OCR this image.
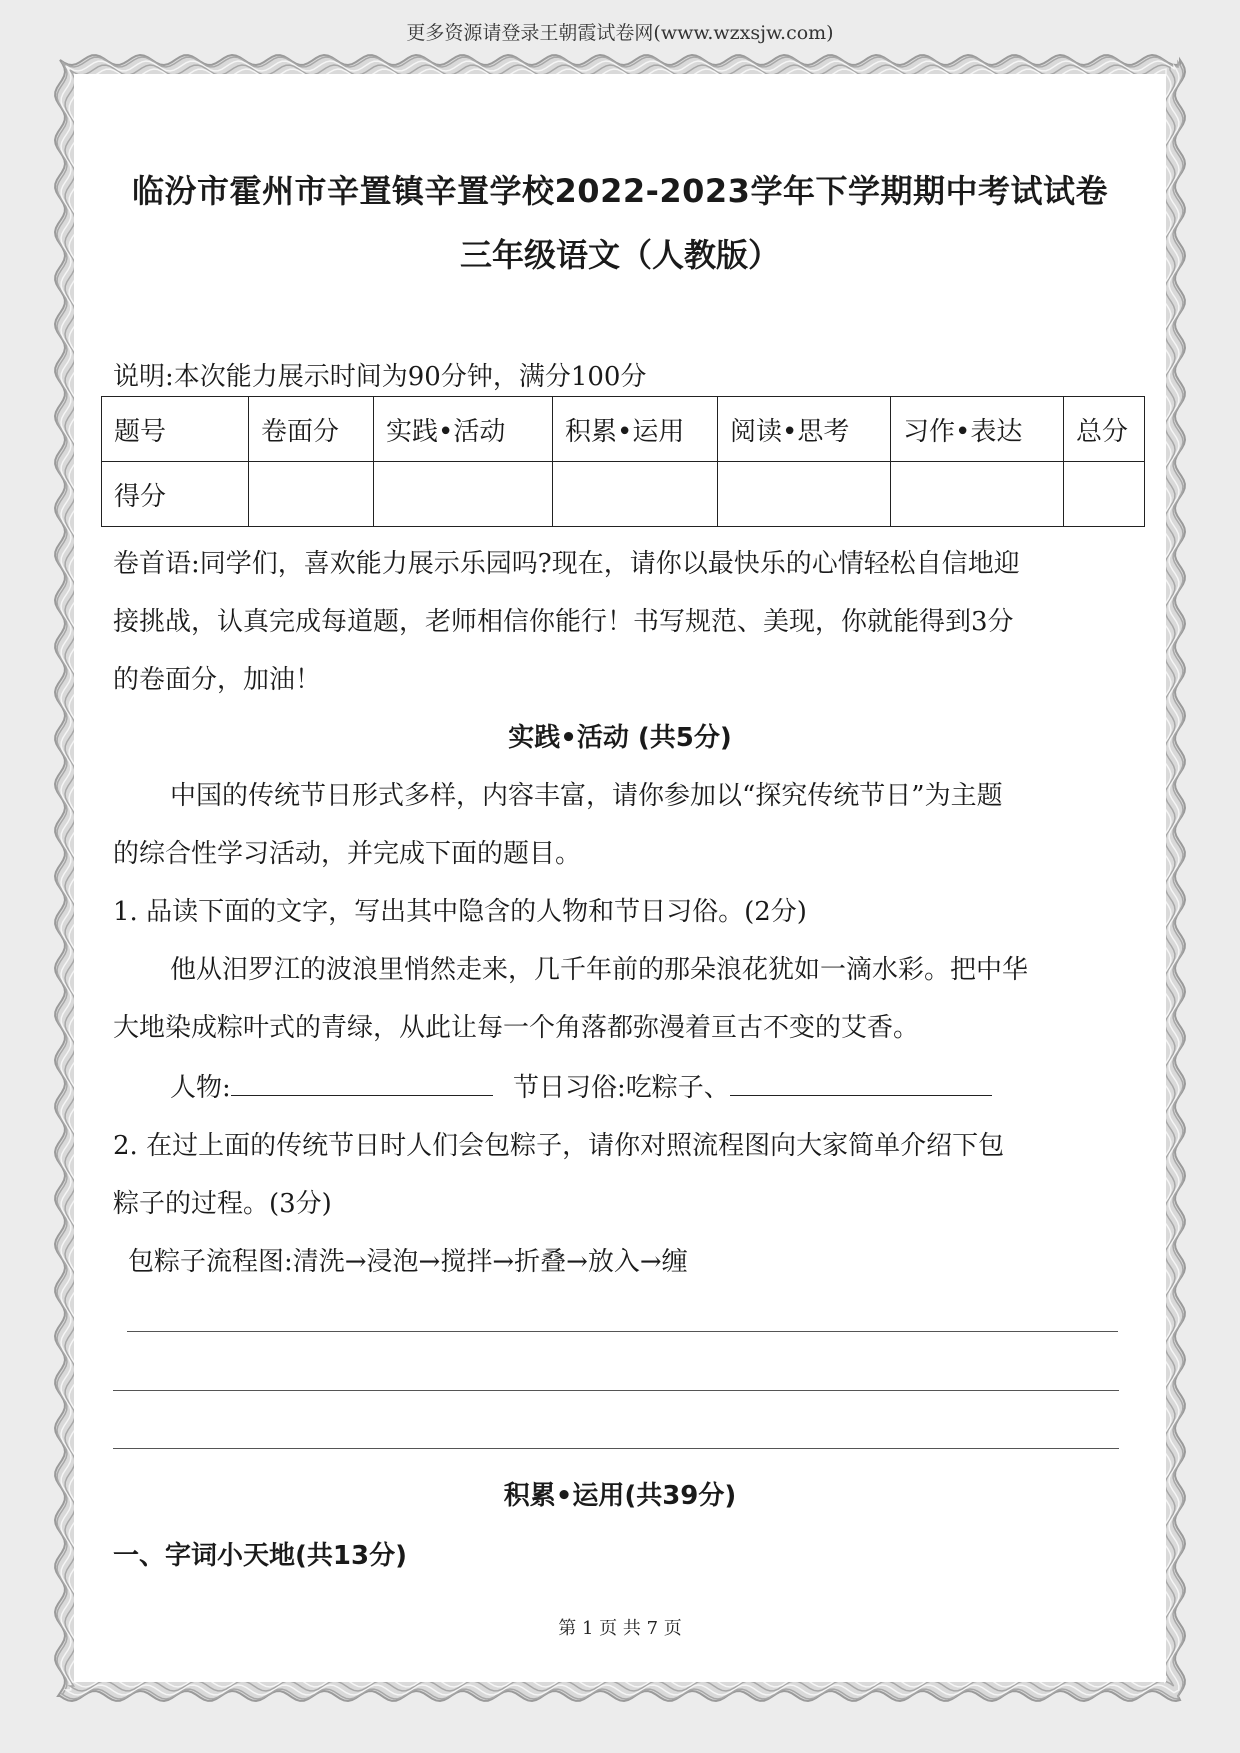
更多资源请登录王朝霞试卷网(www.wzxsjw.com)
临汾市霍州市辛置镇辛置学校2022-2023学年下学期期中考试试卷
三年级语文（人教版）
说明:本次能力展示时间为90分钟，满分100分
题号	卷面分	实践•活动	积累•运用	阅读•思考	习作•表达	总分
得分						
卷首语:同学们，喜欢能力展示乐园吗?现在，请你以最快乐的心情轻松自信地迎
接挑战，认真完成每道题，老师相信你能行！书写规范、美现，你就能得到3分
的卷面分，加油！
实践•活动 (共5分)
中国的传统节日形式多样，内容丰富，请你参加以“探究传统节日”为主题
的综合性学习活动，并完成下面的题目。
1. 品读下面的文字，写出其中隐含的人物和节日习俗。(2分)
他从汨罗江的波浪里悄然走来，几千年前的那朵浪花犹如一滴水彩。把中华
大地染成粽叶式的青绿，从此让每一个角落都弥漫着亘古不变的艾香。
人物:	节日习俗:吃粽子、
2. 在过上面的传统节日时人们会包粽子，请你对照流程图向大家简单介绍下包
粽子的过程。(3分)
包粽子流程图:清洗→浸泡→搅拌→折叠→放入→缠
积累•运用(共39分)
一、字词小天地(共13分)
第 1 页 共 7 页
